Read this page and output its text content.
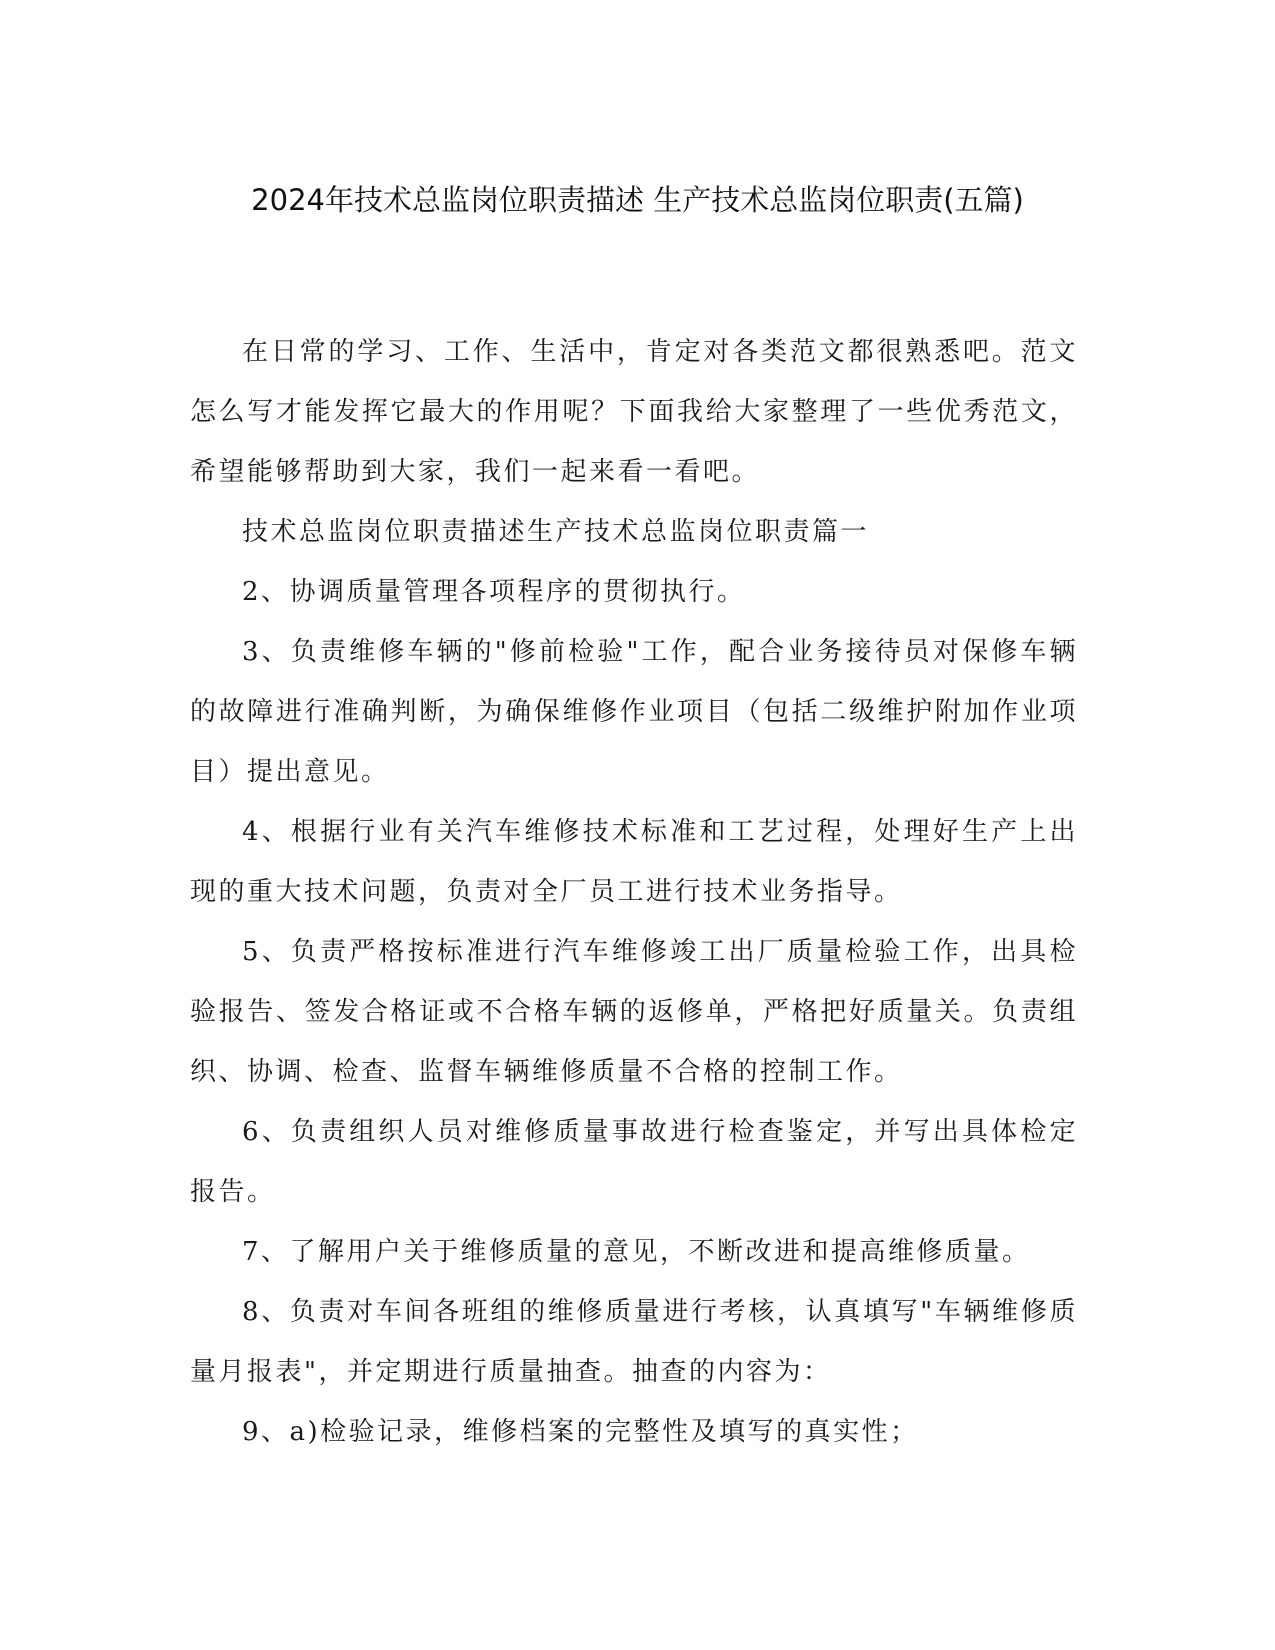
2024年技术总监岗位职责描述 生产技术总监岗位职责(五篇)

在日常的学习、工作、生活中，肯定对各类范文都很熟悉吧。范文怎么写才能发挥它最大的作用呢？下面我给大家整理了一些优秀范文，希望能够帮助到大家，我们一起来看一看吧。

技术总监岗位职责描述生产技术总监岗位职责篇一

2、协调质量管理各项程序的贯彻执行。

3、负责维修车辆的"修前检验"工作，配合业务接待员对保修车辆的故障进行准确判断，为确保维修作业项目（包括二级维护附加作业项目）提出意见。

4、根据行业有关汽车维修技术标准和工艺过程，处理好生产上出现的重大技术问题，负责对全厂员工进行技术业务指导。

5、负责严格按标准进行汽车维修竣工出厂质量检验工作，出具检验报告、签发合格证或不合格车辆的返修单，严格把好质量关。负责组织、协调、检查、监督车辆维修质量不合格的控制工作。

6、负责组织人员对维修质量事故进行检查鉴定，并写出具体检定报告。

7、了解用户关于维修质量的意见，不断改进和提高维修质量。

8、负责对车间各班组的维修质量进行考核，认真填写"车辆维修质量月报表"，并定期进行质量抽查。抽查的内容为：

9、a)检验记录，维修档案的完整性及填写的真实性；
